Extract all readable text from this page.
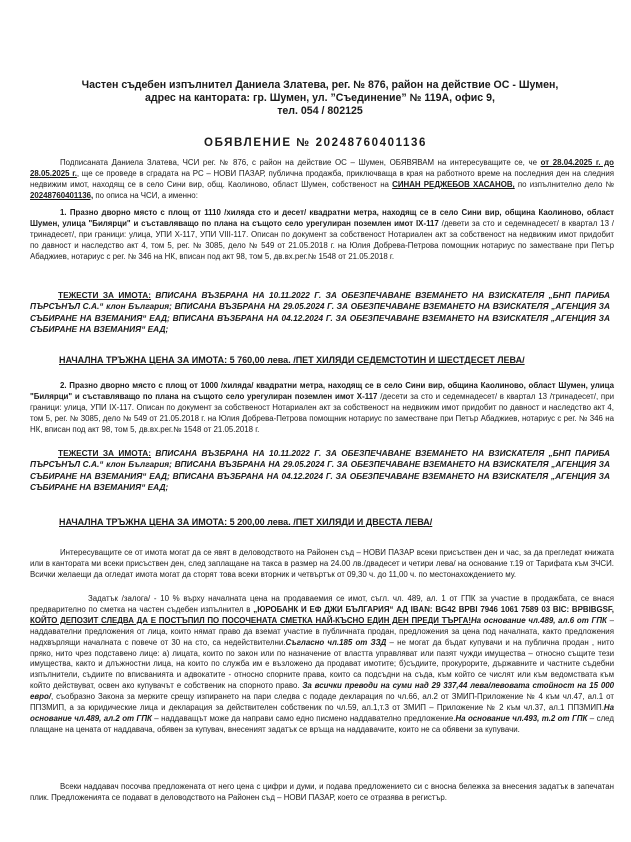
Частен съдебен изпълнител Даниела Златева, рег. № 876, район на действие ОС - Шумен,
адрес на кантората: гр. Шумен, ул. ”Съединение” № 119А, офис 9,
тел. 054 / 802125
ОБЯВЛЕНИЕ № 20248760401136
Подписаната Даниела Златева, ЧСИ рег. № 876, с район на действие ОС – Шумен, ОБЯВЯВАМ на интересуващите се, че от 28.04.2025 г. до 28.05.2025 г., ще се проведе в сградата на РС – НОВИ ПАЗАР, публична продажба, приключваща в края на работното време на последния ден на следния недвижим имот, находящ се в село Сини вир, общ. Каолиново, област Шумен, собственост на СИНАН РЕДЖЕБОВ ХАСАНОВ, по изпълнително дело № 20248760401136, по описа на ЧСИ, а именно:
1. Празно дворно място с площ от 1110 /хиляда сто и десет/ квадратни метра, находящ се в село Сини вир, община Каолиново, област Шумен, улица "Билярци" и съставляващо по плана на същото село урегулиран поземлен имот IX-117 /девети за сто и седемнадесет/ в квартал 13 /тринадесет/, при граници: улица, УПИ X-117, УПИ VIII-117. Описан по документ за собственост Нотариален акт за собственост на недвижим имот придобит по давност и наследство акт 4, том 5, рег. № 3085, дело № 549 от 21.05.2018 г. на Юлия Добрева-Петрова помощник нотариус по заместване при Петър Абаджиев, нотариус с рег. № 346 на НК, вписан под акт 98, том 5, дв.вх.рег.№ 1548 от 21.05.2018 г.
ТЕЖЕСТИ ЗА ИМОТА: ВПИСАНА ВЪЗБРАНА НА 10.11.2022 Г. ЗА ОБЕЗПЕЧАВАНЕ ВЗЕМАНЕТО НА ВЗИСКАТЕЛЯ „БНП ПАРИБА ПЪРСЪНЪЛ С.А.“ клон България; ВПИСАНА ВЪЗБРАНА НА 29.05.2024 Г. ЗА ОБЕЗПЕЧАВАНЕ ВЗЕМАНЕТО НА ВЗИСКАТЕЛЯ „АГЕНЦИЯ ЗА СЪБИРАНЕ НА ВЗЕМАНИЯ“ ЕАД; ВПИСАНА ВЪЗБРАНА НА 04.12.2024 Г. ЗА ОБЕЗПЕЧАВАНЕ ВЗЕМАНЕТО НА ВЗИСКАТЕЛЯ „АГЕНЦИЯ ЗА СЪБИРАНЕ НА ВЗЕМАНИЯ“ ЕАД;
НАЧАЛНА ТРЪЖНА ЦЕНА ЗА ИМОТА: 5 760,00 лева. /ПЕТ ХИЛЯДИ СЕДЕМСТОТИН И ШЕСТДЕСЕТ ЛЕВА/
2. Празно дворно място с площ от 1000 /хиляда/ квадратни метра, находящ се в село Сини вир, община Каолиново, област Шумен, улица "Билярци" и съставляващо по плана на същото село урегулиран поземлен имот X-117 /десети за сто и седемнадесет/ в квартал 13 /тринадесет/, при граници: улица, УПИ IX-117. Описан по документ за собственост Нотариален акт за собственост на недвижим имот придобит по давност и наследство акт 4, том 5, рег. № 3085, дело № 549 от 21.05.2018 г. на Юлия Добрева-Петрова помощник нотариус по заместване при Петър Абаджиев, нотариус с рег. № 346 на НК, вписан под акт 98, том 5, дв.вх.рег.№ 1548 от 21.05.2018 г.
ТЕЖЕСТИ ЗА ИМОТА: ВПИСАНА ВЪЗБРАНА НА 10.11.2022 Г. ЗА ОБЕЗПЕЧАВАНЕ ВЗЕМАНЕТО НА ВЗИСКАТЕЛЯ „БНП ПАРИБА ПЪРСЪНЪЛ С.А.“ клон България; ВПИСАНА ВЪЗБРАНА НА 29.05.2024 Г. ЗА ОБЕЗПЕЧАВАНЕ ВЗЕМАНЕТО НА ВЗИСКАТЕЛЯ „АГЕНЦИЯ ЗА СЪБИРАНЕ НА ВЗЕМАНИЯ“ ЕАД; ВПИСАНА ВЪЗБРАНА НА 04.12.2024 Г. ЗА ОБЕЗПЕЧАВАНЕ ВЗЕМАНЕТО НА ВЗИСКАТЕЛЯ „АГЕНЦИЯ ЗА СЪБИРАНЕ НА ВЗЕМАНИЯ“ ЕАД;
НАЧАЛНА ТРЪЖНА ЦЕНА ЗА ИМОТА: 5 200,00 лева. /ПЕТ ХИЛЯДИ И ДВЕСТА ЛЕВА/
Интересуващите се от имота могат да се явят в деловодството на Районен съд – НОВИ ПАЗАР всеки присъствен ден и час, за да прегледат книжата или в кантората ми всеки присъствен ден, след заплащане на такса в размер на 24.00 лв./двадесет и четири лева/ на основание т.19 от Тарифата към ЗЧСИ. Всички желаещи да огледат имота могат да сторят това всеки вторник и четвъртък от 09,30 ч. до 11,00 ч. по местонахождението му.
Задатък /залога/ - 10 % върху началната цена на продаваемия се имот, съгл. чл. 489, ал. 1 от ГПК за участие в продажбата, се внася предварително по сметка на частен съдебен изпълнител в „ЮРОБАНК И ЕФ ДЖИ БЪЛГАРИЯ“ АД IBAN: BG42 BPBI 7946 1061 7589 03 BIC: BPBIBGSF, КОЙТО ДЕПОЗИТ СЛЕДВА ДА Е ПОСТЪПИЛ ПО ПОСОЧЕНАТА СМЕТКА НАЙ-КЪСНО ЕДИН ДЕН ПРЕДИ ТЪРГА!На основание чл.489, ал.6 от ГПК – наддавателни предложения от лица, които нямат право да вземат участие в публичната продан, предложения за цена под началната, както предложения надхвърлящи началната с повече от 30 на сто, са недействителни.Съгласно чл.185 от ЗЗД – не могат да бъдат купувачи и на публична продан , нито пряко, нито чрез подставено лице: а) лицата, които по закон или по назначение от властта управляват или пазят чужди имущества – относно същите тези имущества, както и длъжностни лица, на които по служба им е възложено да продават имотите; б)съдиите, прокурорите, държавните и частните съдебни изпълнители, съдиите по вписванията и адвокатите - относно спорните права, които са подсъдни на съда, към който се числят или към ведомствата към който действуват, освен ако купувачът е собственик на спорното право. За всички преводи на суми над 29 337,44 лева/левовата стойност на 15 000 евро/, съобразно Закона за мерките срещу изпирането на пари следва с подаде декларация по чл.66, ал.2 от ЗМИП-Приложение № 4 към чл.47, ал.1 от ППЗМИП, а за юридические лица и декларация за действителен собственик по чл.59, ал.1,т.3 от ЗМИП – Приложение № 2 към чл.37, ал.1 ППЗМИП.На основание чл.489, ал.2 от ГПК – наддаващът може да направи само едно писмено наддавателно предложение.На основание чл.493, т.2 от ГПК – след плащане на цената от наддавача, обявен за купувач, внесеният задатък се връща на наддавачите, които не са обявени за купувачи.
Всеки наддавач посочва предложената от него цена с цифри и думи, и подава предложението си с вносна бележка за внесения задатък в запечатан плик. Предложенията се подават в деловодството на Районен съд – НОВИ ПАЗАР, което се отразява в регистър.
